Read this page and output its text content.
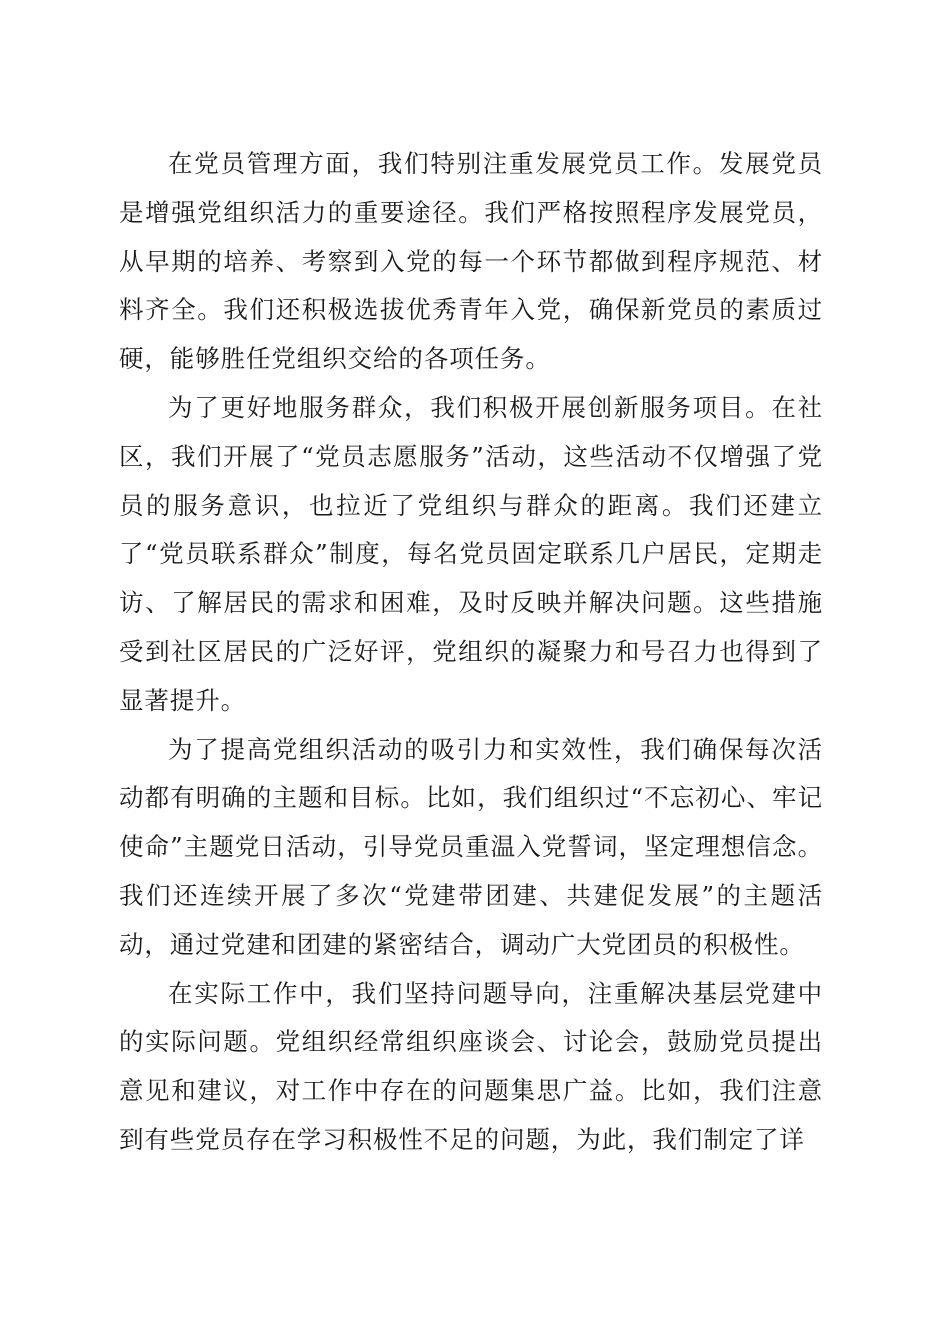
在党员管理方面，我们特别注重发展党员工作。发展党员是增强党组织活力的重要途径。我们严格按照程序发展党员，从早期的培养、考察到入党的每一个环节都做到程序规范、材料齐全。我们还积极选拔优秀青年入党，确保新党员的素质过硬，能够胜任党组织交给的各项任务。

为了更好地服务群众，我们积极开展创新服务项目。在社区，我们开展了“党员志愿服务”活动，这些活动不仅增强了党员的服务意识，也拉近了党组织与群众的距离。我们还建立了“党员联系群众”制度，每名党员固定联系几户居民，定期走访、了解居民的需求和困难，及时反映并解决问题。这些措施受到社区居民的广泛好评，党组织的凝聚力和号召力也得到了显著提升。

为了提高党组织活动的吸引力和实效性，我们确保每次活动都有明确的主题和目标。比如，我们组织过“不忘初心、牢记使命”主题党日活动，引导党员重温入党誓词，坚定理想信念。我们还连续开展了多次“党建带团建、共建促发展”的主题活动，通过党建和团建的紧密结合，调动广大党团员的积极性。

在实际工作中，我们坚持问题导向，注重解决基层党建中的实际问题。党组织经常组织座谈会、讨论会，鼓励党员提出意见和建议，对工作中存在的问题集思广益。比如，我们注意到有些党员存在学习积极性不足的问题，为此，我们制定了详
